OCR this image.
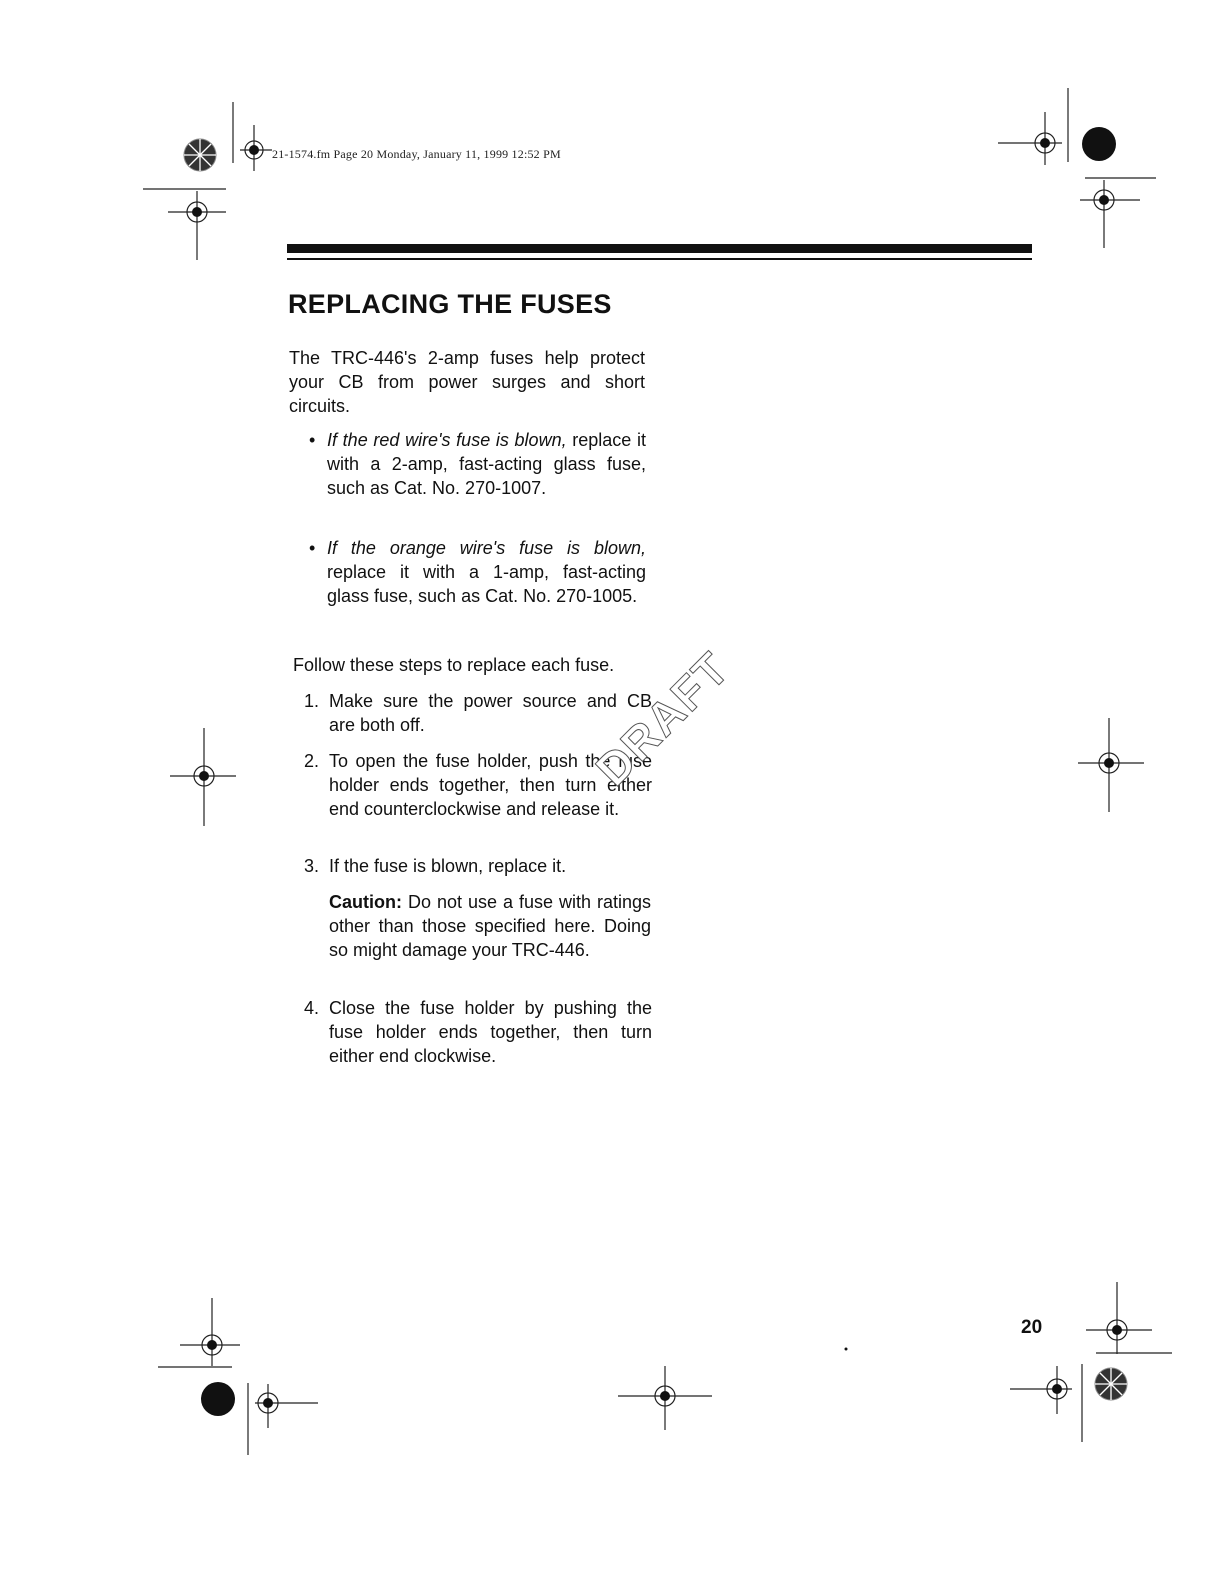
21-1574.fm Page 20 Monday, January 11, 1999 12:52 PM
REPLACING THE FUSES

The TRC-446's 2-amp fuses help protect your CB from power surges and short circuits.

• If the red wire's fuse is blown, replace it with a 2-amp, fast-acting glass fuse, such as Cat. No. 270-1007.
• If the orange wire's fuse is blown, replace it with a 1-amp, fast-acting glass fuse, such as Cat. No. 270-1005.

Follow these steps to replace each fuse.

1. Make sure the power source and CB are both off.
2. To open the fuse holder, push the fuse holder ends together, then turn either end counterclockwise and release it.
3. If the fuse is blown, replace it.
Caution: Do not use a fuse with ratings other than those specified here. Doing so might damage your TRC-446.
4. Close the fuse holder by pushing the fuse holder ends together, then turn either end clockwise.
DRAFT
20
